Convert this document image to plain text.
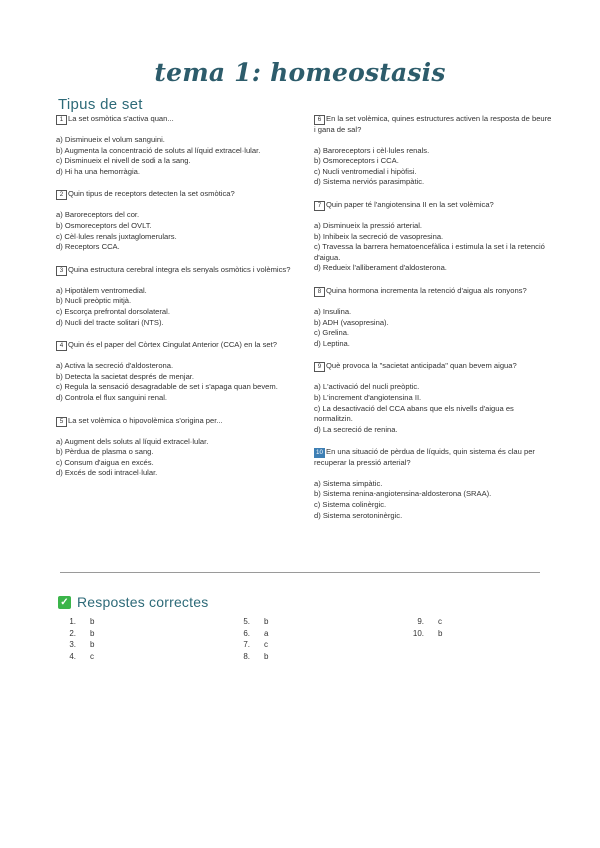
tema 1: homeostasis
Tipus de set

1 La set osmòtica s'activa quan...

a) Disminueix el volum sanguini.

b) Augmenta la concentració de soluts al líquid extracel·lular.

c) Disminueix el nivell de sodi a la sang.

d) Hi ha una hemorràgia.

2 Quin tipus de receptors detecten la set osmòtica?

a) Baroreceptors del cor.

b) Osmoreceptors del OVLT.

c) Cèl·lules renals juxtaglomerulars.

d) Receptors CCA.

3 Quina estructura cerebral integra els senyals osmòtics i volèmics?

a) Hipotàlem ventromedial.

b) Nucli preòptic mitjà.

c) Escorça prefrontal dorsolateral.

d) Nucli del tracte solitari (NTS).

4 Quin és el paper del Còrtex Cingulat Anterior (CCA) en la set?

a) Activa la secreció d'aldosterona.

b) Detecta la sacietat després de menjar.

c) Regula la sensació desagradable de set i s'apaga quan bevem.

d) Controla el flux sanguini renal.

5 La set volèmica o hipovolèmica s'origina per...

a) Augment dels soluts al líquid extracel·lular.

b) Pèrdua de plasma o sang.

c) Consum d'aigua en excés.

d) Excés de sodi intracel·lular.

6 En la set volèmica, quines estructures activen la resposta de beure i gana de sal?

a) Baroreceptors i cèl·lules renals.

b) Osmoreceptors i CCA.

c) Nucli ventromedial i hipòfisi.

d) Sistema nerviós parasimpàtic.

7 Quin paper té l'angiotensina II en la set volèmica?

a) Disminueix la pressió arterial.

b) Inhibeix la secreció de vasopresina.

c) Travessa la barrera hematoencefàlica i estimula la set i la retenció d'aigua.

d) Redueix l'alliberament d'aldosterona.

8 Quina hormona incrementa la retenció d'aigua als ronyons?

a) Insulina.

b) ADH (vasopresina).

c) Grelina.

d) Leptina.

9 Què provoca la "sacietat anticipada" quan bevem aigua?

a) L'activació del nucli preòptic.

b) L'increment d'angiotensina II.

c) La desactivació del CCA abans que els nivells d'aigua es normalitzin.

d) La secreció de renina.

10 En una situació de pèrdua de líquids, quin sistema és clau per recuperar la pressió arterial?

a) Sistema simpàtic.

b) Sistema renina-angiotensina-aldosterona (SRAA).

c) Sistema colinèrgic.

d) Sistema serotoninèrgic.

✓ Respostes correctes
1. b
2. b
3. b
4. c
5. b
6. a
7. c
8. b
9. c
10. b
